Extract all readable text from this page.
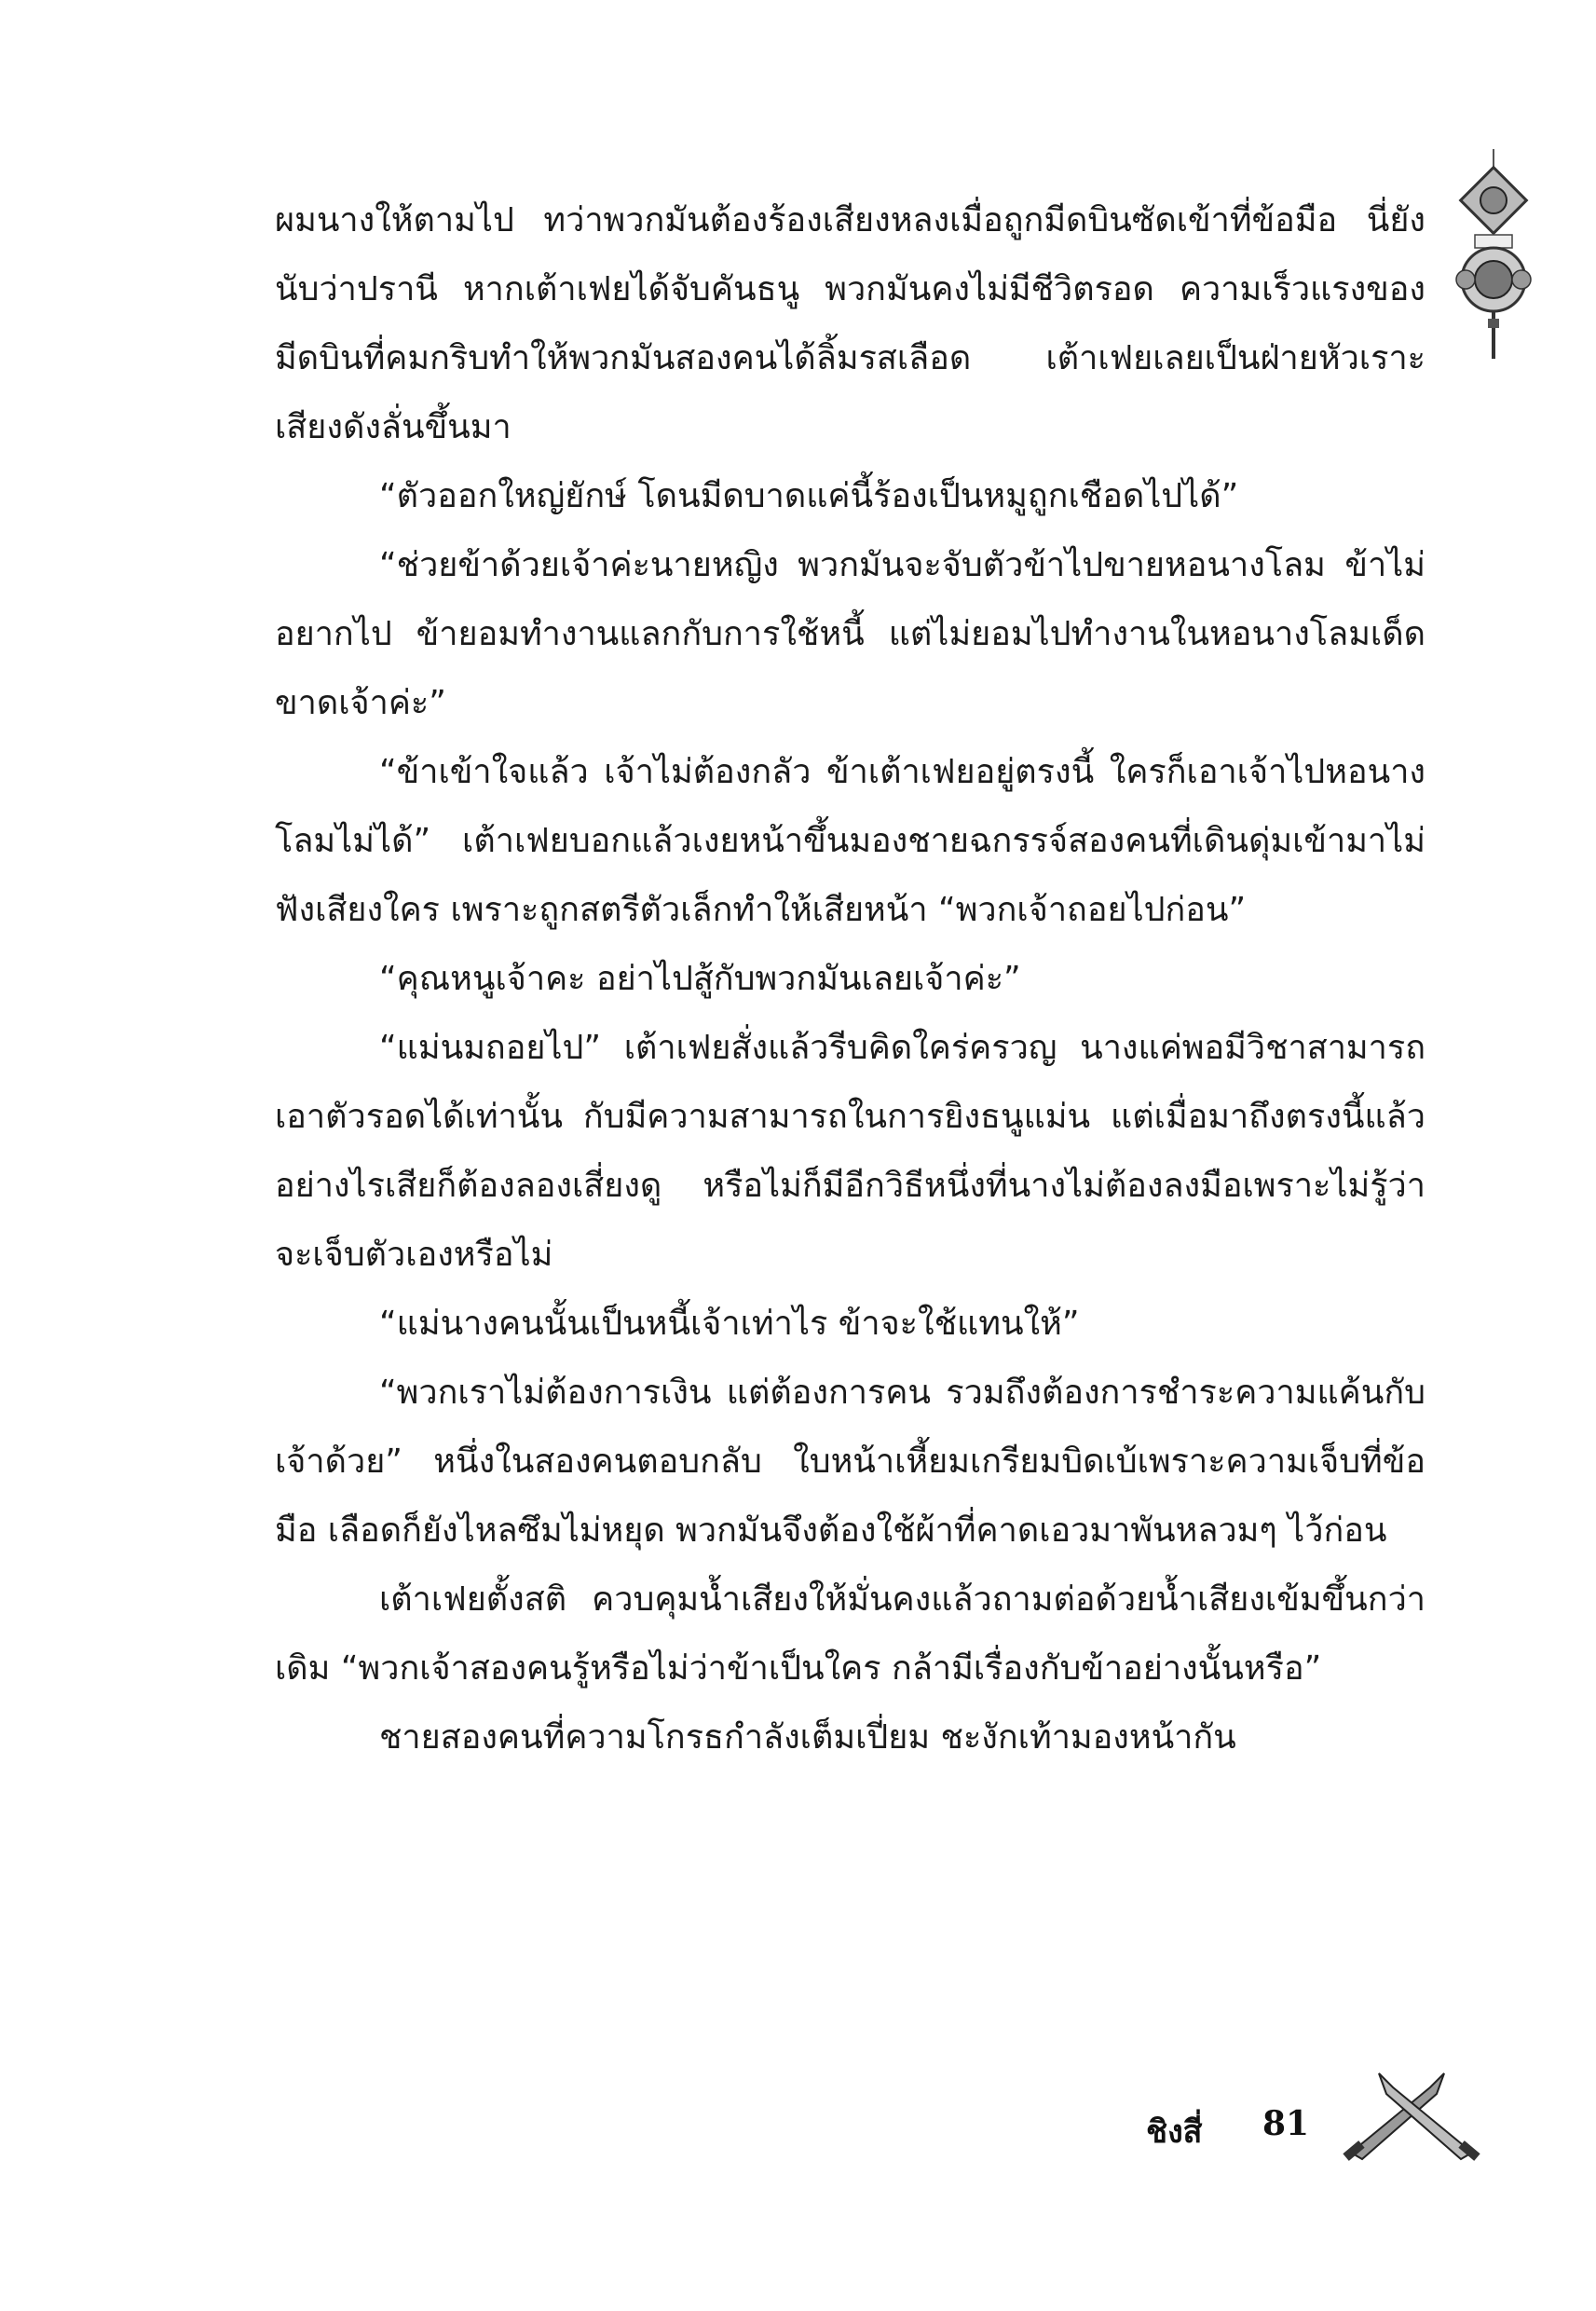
ผมนางให้ตามไป ทว่าพวกมันต้องร้องเสียงหลงเมื่อถูกมีดบินซัดเข้าที่ข้อมือ นี่ยังนับว่าปรานี หากเต้าเฟยได้จับคันธนู พวกมันคงไม่มีชีวิตรอด ความเร็วแรงของมีดบินที่คมกริบทำให้พวกมันสองคนได้ลิ้มรสเลือด เต้าเฟยเลยเป็นฝ่ายหัวเราะเสียงดังลั่นขึ้นมา

“ตัวออกใหญ่ยักษ์ โดนมีดบาดแค่นี้ร้องเป็นหมูถูกเชือดไปได้”

“ช่วยข้าด้วยเจ้าค่ะนายหญิง พวกมันจะจับตัวข้าไปขายหอนางโลม ข้าไม่อยากไป ข้ายอมทำงานแลกกับการใช้หนี้ แต่ไม่ยอมไปทำงานในหอนางโลมเด็ดขาดเจ้าค่ะ”

“ข้าเข้าใจแล้ว เจ้าไม่ต้องกลัว ข้าเต้าเฟยอยู่ตรงนี้ ใครก็เอาเจ้าไปหอนางโลมไม่ได้” เต้าเฟยบอกแล้วเงยหน้าขึ้นมองชายฉกรรจ์สองคนที่เดินดุ่มเข้ามาไม่ฟังเสียงใคร เพราะถูกสตรีตัวเล็กทำให้เสียหน้า “พวกเจ้าถอยไปก่อน”

“คุณหนูเจ้าคะ อย่าไปสู้กับพวกมันเลยเจ้าค่ะ”

“แม่นมถอยไป” เต้าเฟยสั่งแล้วรีบคิดใคร่ครวญ นางแค่พอมีวิชาสามารถเอาตัวรอดได้เท่านั้น กับมีความสามารถในการยิงธนูแม่น แต่เมื่อมาถึงตรงนี้แล้วอย่างไรเสียก็ต้องลองเสี่ยงดู หรือไม่ก็มีอีกวิธีหนึ่งที่นางไม่ต้องลงมือเพราะไม่รู้ว่าจะเจ็บตัวเองหรือไม่

“แม่นางคนนั้นเป็นหนี้เจ้าเท่าไร ข้าจะใช้แทนให้”

“พวกเราไม่ต้องการเงิน แต่ต้องการคน รวมถึงต้องการชำระความแค้นกับเจ้าด้วย” หนึ่งในสองคนตอบกลับ ใบหน้าเหี้ยมเกรียมบิดเบ้เพราะความเจ็บที่ข้อมือ เลือดก็ยังไหลซึมไม่หยุด พวกมันจึงต้องใช้ผ้าที่คาดเอวมาพันหลวมๆ ไว้ก่อน

เต้าเฟยตั้งสติ ควบคุมน้ำเสียงให้มั่นคงแล้วถามต่อด้วยน้ำเสียงเข้มขึ้นกว่าเดิม “พวกเจ้าสองคนรู้หรือไม่ว่าข้าเป็นใคร กล้ามีเรื่องกับข้าอย่างนั้นหรือ”

ชายสองคนที่ความโกรธกำลังเต็มเปี่ยม ชะงักเท้ามองหน้ากัน

ชิงสี่ 81
